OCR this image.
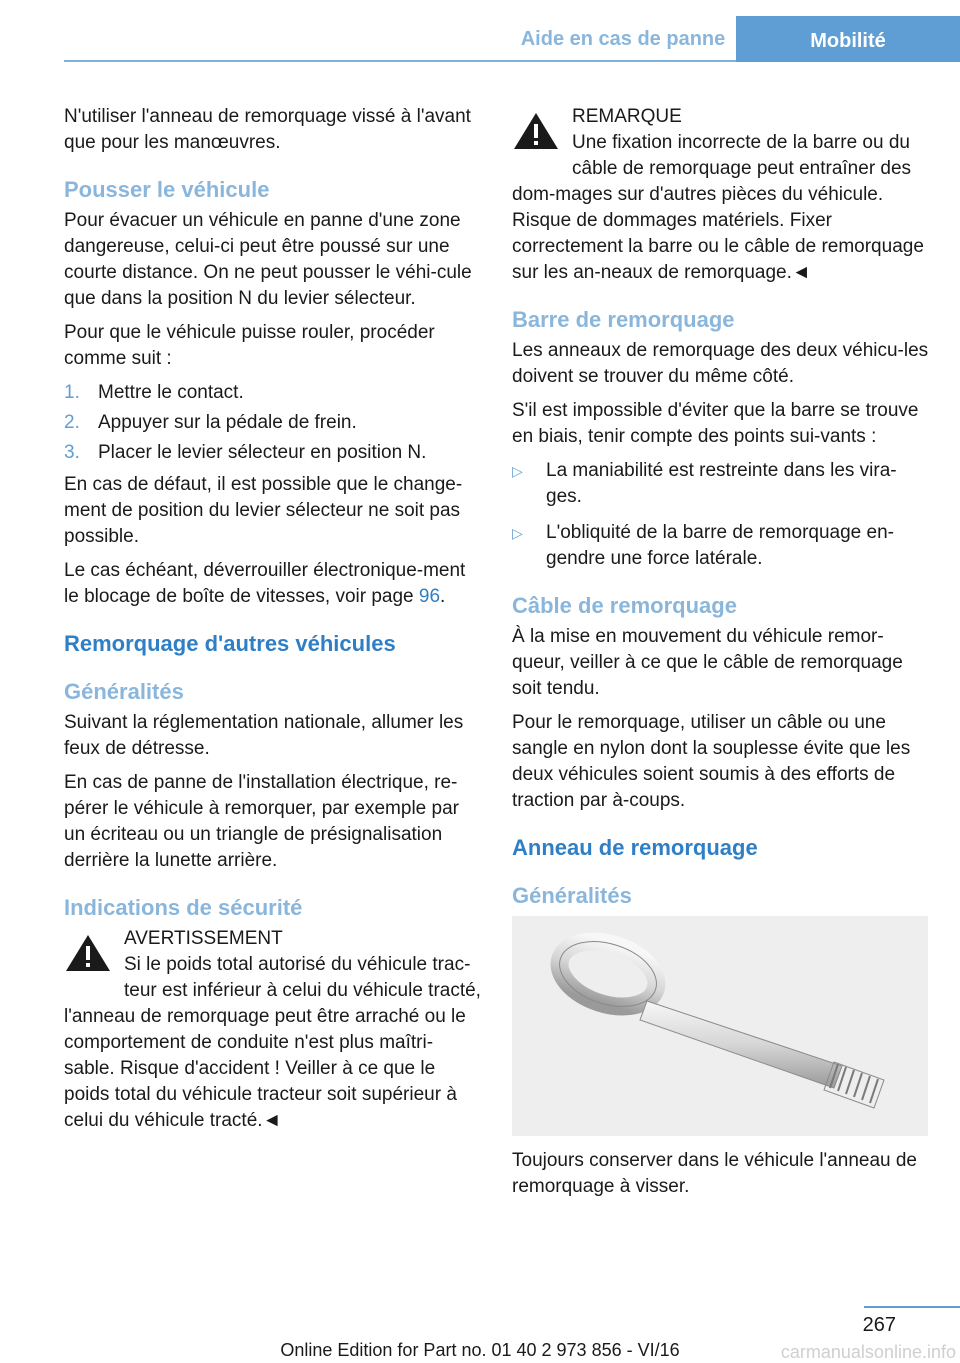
Aide en cas de panne	Mobilité

N'utiliser l'anneau de remorquage vissé à l'avant que pour les manœuvres.

Pousser le véhicule

Pour évacuer un véhicule en panne d'une zone dangereuse, celui-ci peut être poussé sur une courte distance. On ne peut pousser le véhi‐cule que dans la position N du levier sélecteur.

Pour que le véhicule puisse rouler, procéder comme suit :

1. Mettre le contact.
2. Appuyer sur la pédale de frein.
3. Placer le levier sélecteur en position N.

En cas de défaut, il est possible que le change‐ment de position du levier sélecteur ne soit pas possible.

Le cas échéant, déverrouiller électronique‐ment le blocage de boîte de vitesses, voir page 96.

Remorquage d'autres véhicules
Généralités

Suivant la réglementation nationale, allumer les feux de détresse.

En cas de panne de l'installation électrique, re‐pérer le véhicule à remorquer, par exemple par un écriteau ou un triangle de présignalisation derrière la lunette arrière.

Indications de sécurité
AVERTISSEMENT
Si le poids total autorisé du véhicule trac‐teur est inférieur à celui du véhicule tracté, l'anneau de remorquage peut être arraché ou le comportement de conduite n'est plus maîtri‐sable. Risque d'accident ! Veiller à ce que le poids total du véhicule tracteur soit supérieur à celui du véhicule tracté.◄
REMARQUE
Une fixation incorrecte de la barre ou du câble de remorquage peut entraîner des dom‐mages sur d'autres pièces du véhicule. Risque de dommages matériels. Fixer correctement la barre ou le câble de remorquage sur les an‐neaux de remorquage.◄
Barre de remorquage

Les anneaux de remorquage des deux véhicu‐les doivent se trouver du même côté.

S'il est impossible d'éviter que la barre se trouve en biais, tenir compte des points sui‐vants :

▷	La maniabilité est restreinte dans les vira‐ges.
▷	L'obliquité de la barre de remorquage en‐gendre une force latérale.
Câble de remorquage

À la mise en mouvement du véhicule remor‐queur, veiller à ce que le câble de remorquage soit tendu.

Pour le remorquage, utiliser un câble ou une sangle en nylon dont la souplesse évite que les deux véhicules soient soumis à des efforts de traction par à-coups.

Anneau de remorquage
Généralités

Toujours conserver dans le véhicule l'anneau de remorquage à visser.

267
Online Edition for Part no. 01 40 2 973 856 - VI/16	carmanualsonline.info
